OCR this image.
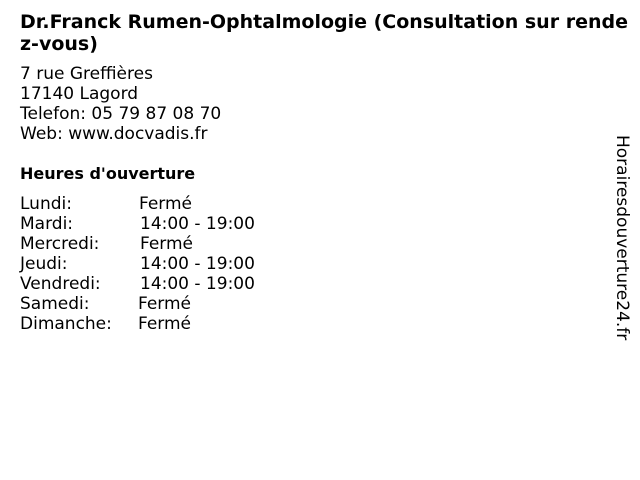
Dr.Franck Rumen-Ophtalmologie (Consultation sur rendez-vous)
7 rue Greffières
17140 Lagord
Telefon: 05 79 87 08 70
Web: www.docvadis.fr
Heures d'ouverture
Lundi:	Fermé
Mardi:	14:00 - 19:00
Mercredi: Fermé
Jeudi:	14:00 - 19:00
Vendredi: 14:00 - 19:00
Samedi:	Fermé
Dimanche: Fermé	Horairesdouverture24.fr
